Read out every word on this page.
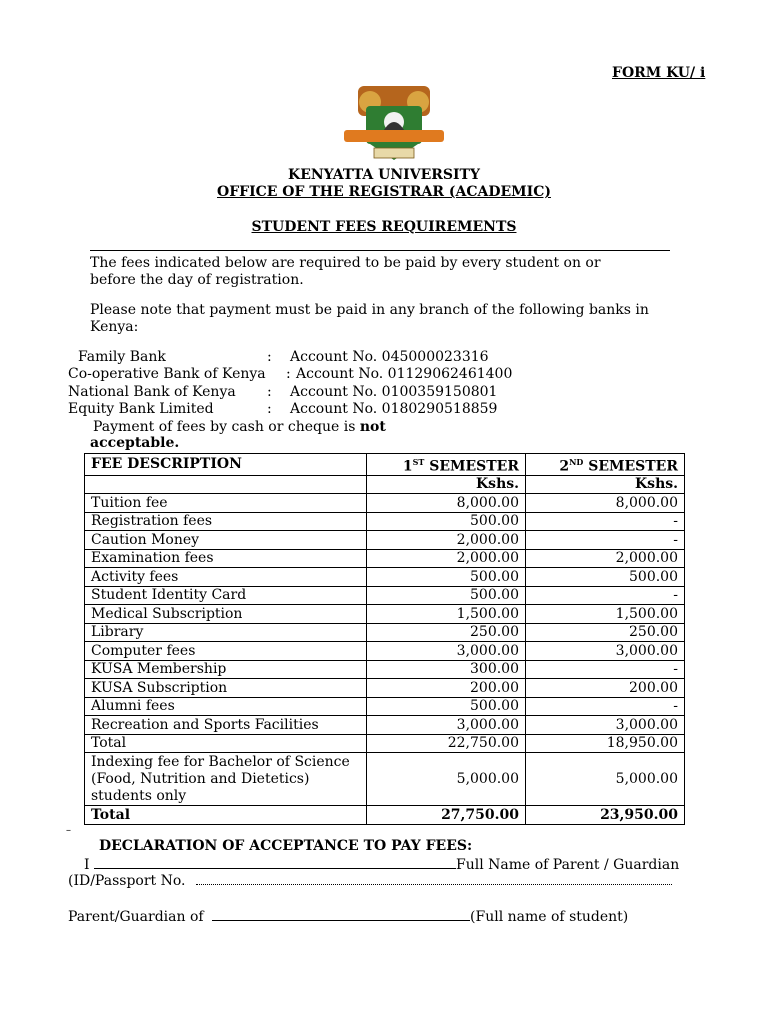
FORM KU/ i
KENYATTA UNIVERSITY
OFFICE OF THE REGISTRAR (ACADEMIC)
STUDENT FEES REQUIREMENTS
The fees indicated below are required to be paid by every student on or
before the day of registration.
Please note that payment must be paid in any branch of the following banks in
Kenya:
Family Bank	: Account No. 045000023316
Co-operative Bank of Kenya : Account No. 01129062461400
National Bank of Kenya : Account No. 0100359150801
Equity Bank Limited	: Account No. 0180290518859
Payment of fees by cash or cheque is not
acceptable.
FEE DESCRIPTION	1ST SEMESTER	2ND SEMESTER
	Kshs.	Kshs.
Tuition fee	8,000.00	8,000.00
Registration fees	500.00	-
Caution Money	2,000.00	-
Examination fees	2,000.00	2,000.00
Activity fees	500.00	500.00
Student Identity Card	500.00	-
Medical Subscription	1,500.00	1,500.00
Library	250.00	250.00
Computer fees	3,000.00	3,000.00
KUSA Membership	300.00	-
KUSA Subscription	200.00	200.00
Alumni fees	500.00	-
Recreation and Sports Facilities	3,000.00	3,000.00
Total	22,750.00	18,950.00

Indexing fee for Bachelor of Science
(Food, Nutrition and Dietetics)
students only	5,000.00	5,000.00
Total	27,750.00	23,950.00
–
DECLARATION OF ACCEPTANCE TO PAY FEES:
I	Full Name of Parent / Guardian
(ID/Passport No.
Parent/Guardian of	(Full name of student)
